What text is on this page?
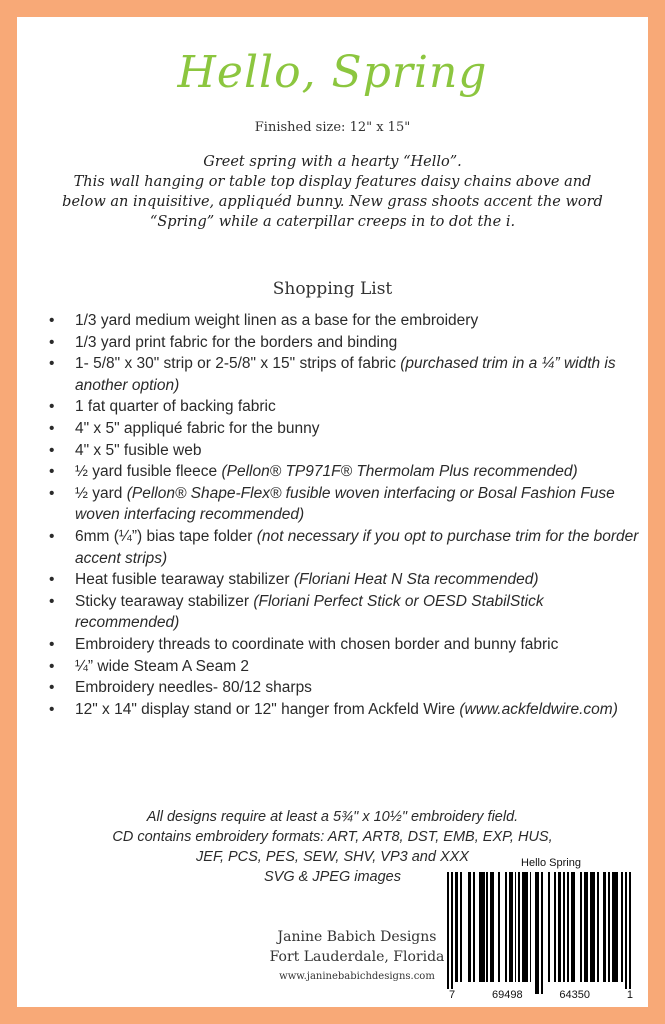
Hello, Spring
Finished size: 12" x 15"

Greet spring with a hearty “Hello”.

This wall hanging or table top display features daisy chains above and

below an inquisitive, appliquéd bunny. New grass shoots accent the word

“Spring” while a caterpillar creeps in to dot the i.

Shopping List
• 1/3 yard medium weight linen as a base for the embroidery
• 1/3 yard print fabric for the borders and binding
• 1- 5/8" x 30" strip or 2-5/8" x 15" strips of fabric (purchased trim in a ¼” width is another option)
• 1 fat quarter of backing fabric
• 4" x 5" appliqué fabric for the bunny
• 4" x 5" fusible web
• ½ yard fusible fleece (Pellon® TP971F® Thermolam Plus recommended)
• ½ yard (Pellon® Shape-Flex® fusible woven interfacing or Bosal Fashion Fuse woven interfacing recommended)
• 6mm (¼”) bias tape folder (not necessary if you opt to purchase trim for the border accent strips)
• Heat fusible tearaway stabilizer (Floriani Heat N Sta recommended)
• Sticky tearaway stabilizer (Floriani Perfect Stick or OESD StabilStick recommended)
• Embroidery threads to coordinate with chosen border and bunny fabric
• ¼” wide Steam A Seam 2
• Embroidery needles- 80/12 sharps
• 12" x 14" display stand or 12" hanger from Ackfeld Wire (www.ackfeldwire.com)

All designs require at least a 5¾" x 10½" embroidery field.

CD contains embroidery formats: ART, ART8, DST, EMB, EXP, HUS,

JEF, PCS, PES, SEW, SHV, VP3 and XXX

SVG & JPEG images

Janine Babich Designs
Fort Lauderdale, Florida
www.janinebabichdesigns.com
Hello Spring
7	69498	64350	1
